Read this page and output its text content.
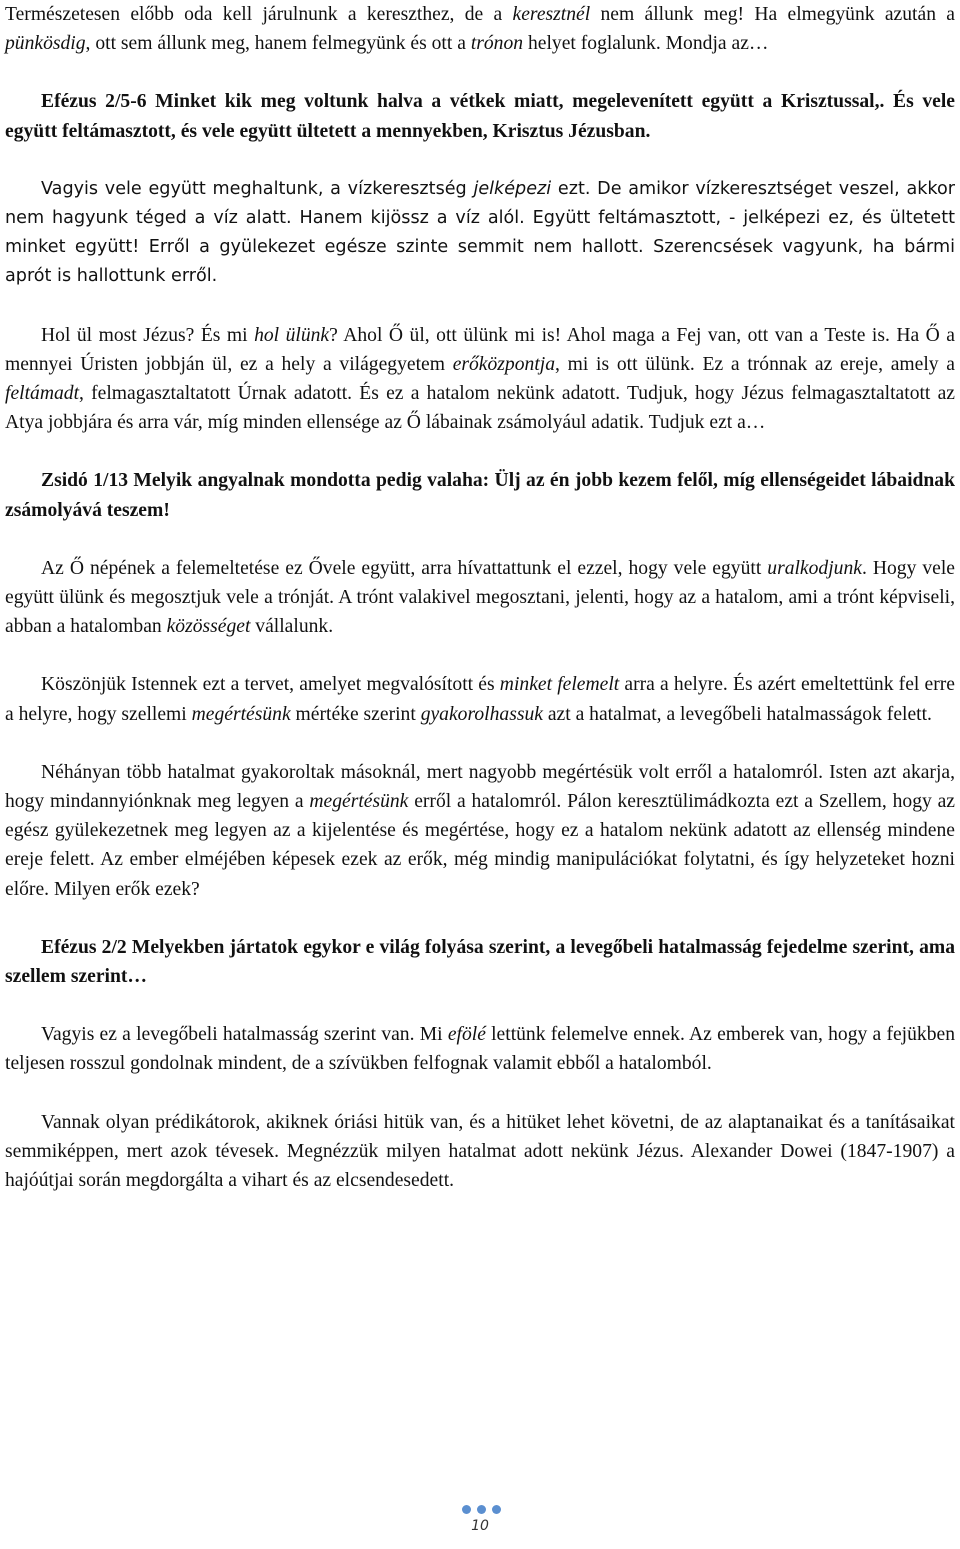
Természetesen előbb oda kell járulnunk a kereszthez, de a keresztnél nem állunk meg! Ha elmegyünk azután a pünkösdig, ott sem állunk meg, hanem felmegyünk és ott a trónon helyet foglalunk. Mondja az…

Efézus 2/5-6 Minket kik meg voltunk halva a vétkek miatt, megelevenített együtt a Krisztussal,. És vele együtt feltámasztott, és vele együtt ültetett a mennyekben, Krisztus Jézusban.

Vagyis vele együtt meghaltunk, a vízkeresztség jelképezi ezt. De amikor vízkeresztséget veszel, akkor nem hagyunk téged a víz alatt. Hanem kijössz a víz alól. Együtt feltámasztott, - jelképezi ez, és ültetett minket együtt! Erről a gyülekezet egésze szinte semmit nem hallott. Szerencsések vagyunk, ha bármi aprót is hallottunk erről.

Hol ül most Jézus? És mi hol ülünk? Ahol Ő ül, ott ülünk mi is! Ahol maga a Fej van, ott van a Teste is. Ha Ő a mennyei Úristen jobbján ül, ez a hely a világegyetem erőközpontja, mi is ott ülünk. Ez a trónnak az ereje, amely a feltámadt, felmagasztaltatott Úrnak adatott. És ez a hatalom nekünk adatott. Tudjuk, hogy Jézus felmagasztaltatott az Atya jobbjára és arra vár, míg minden ellensége az Ő lábainak zsámolyául adatik. Tudjuk ezt a…

Zsidó 1/13 Melyik angyalnak mondotta pedig valaha: Ülj az én jobb kezem felől, míg ellenségeidet lábaidnak zsámolyává teszem!

Az Ő népének a felemeltetése ez Ővele együtt, arra hívattattunk el ezzel, hogy vele együtt uralkodjunk. Hogy vele együtt ülünk és megosztjuk vele a trónját. A trónt valakivel megosztani, jelenti, hogy az a hatalom, ami a trónt képviseli, abban a hatalomban közösséget vállalunk.

Köszönjük Istennek ezt a tervet, amelyet megvalósított és minket felemelt arra a helyre. És azért emeltettünk fel erre a helyre, hogy szellemi megértésünk mértéke szerint gyakorolhassuk azt a hatalmat, a levegőbeli hatalmasságok felett.

Néhányan több hatalmat gyakoroltak másoknál, mert nagyobb megértésük volt erről a hatalomról. Isten azt akarja, hogy mindannyiónknak meg legyen a megértésünk erről a hatalomról. Pálon keresztülimádkozta ezt a Szellem, hogy az egész gyülekezetnek meg legyen az a kijelentése és megértése, hogy ez a hatalom nekünk adatott az ellenség mindene ereje felett. Az ember elméjében képesek ezek az erők, még mindig manipulációkat folytatni, és így helyzeteket hozni előre. Milyen erők ezek?

Efézus 2/2 Melyekben jártatok egykor e világ folyása szerint, a levegőbeli hatalmasság fejedelme szerint, ama szellem szerint…

Vagyis ez a levegőbeli hatalmasság szerint van. Mi efölé lettünk felemelve ennek. Az emberek van, hogy a fejükben teljesen rosszul gondolnak mindent, de a szívükben felfognak valamit ebből a hatalomból.

Vannak olyan prédikátorok, akiknek óriási hitük van, és a hitüket lehet követni, de az alaptanaikat és a tanításaikat semmiképpen, mert azok tévesek. Megnézzük milyen hatalmat adott nekünk Jézus. Alexander Dowei (1847-1907) a hajóútjai során megdorgálta a vihart és az elcsendesedett.

10
